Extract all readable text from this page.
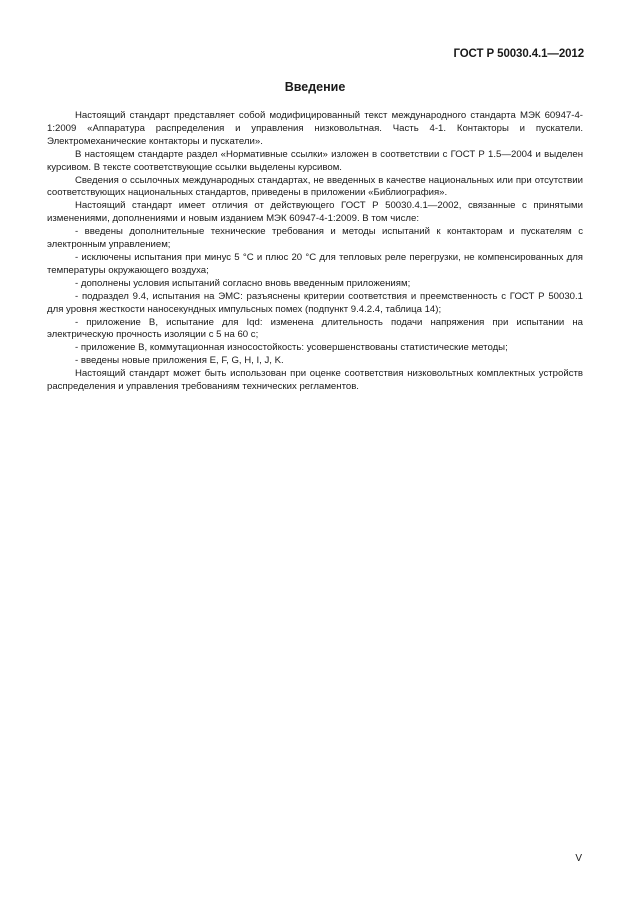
ГОСТ Р 50030.4.1—2012
Введение

Настоящий стандарт представляет собой модифицированный текст международного стандарта МЭК 60947-4-1:2009 «Аппаратура распределения и управления низковольтная. Часть 4-1. Контакторы и пускатели. Электромеханические контакторы и пускатели».

В настоящем стандарте раздел «Нормативные ссылки» изложен в соответствии с ГОСТ Р 1.5—2004 и выделен курсивом. В тексте соответствующие ссылки выделены курсивом.

Сведения о ссылочных международных стандартах, не введенных в качестве национальных или при отсутствии соответствующих национальных стандартов, приведены в приложении «Библиография».

Настоящий стандарт имеет отличия от действующего ГОСТ Р 50030.4.1—2002, связанные с принятыми изменениями, дополнениями и новым изданием МЭК 60947-4-1:2009. В том числе:

- введены дополнительные технические требования и методы испытаний к контакторам и пускателям с электронным управлением;

- исключены испытания при минус 5 °С и плюс 20 °С для тепловых реле перегрузки, не компенсированных для температуры окружающего воздуха;

- дополнены условия испытаний согласно вновь введенным приложениям;

- подраздел 9.4, испытания на ЭМС: разъяснены критерии соответствия и преемственность с ГОСТ Р 50030.1 для уровня жесткости наносекундных импульсных помех (подпункт 9.4.2.4, таблица 14);

- приложение В, испытание для Iqd: изменена длительность подачи напряжения при испытании на электрическую прочность изоляции с 5 на 60 с;

- приложение В, коммутационная износостойкость: усовершенствованы статистические методы;

- введены новые приложения E, F, G, H, I, J, K.

Настоящий стандарт может быть использован при оценке соответствия низковольтных комплектных устройств распределения и управления требованиям технических регламентов.

V
